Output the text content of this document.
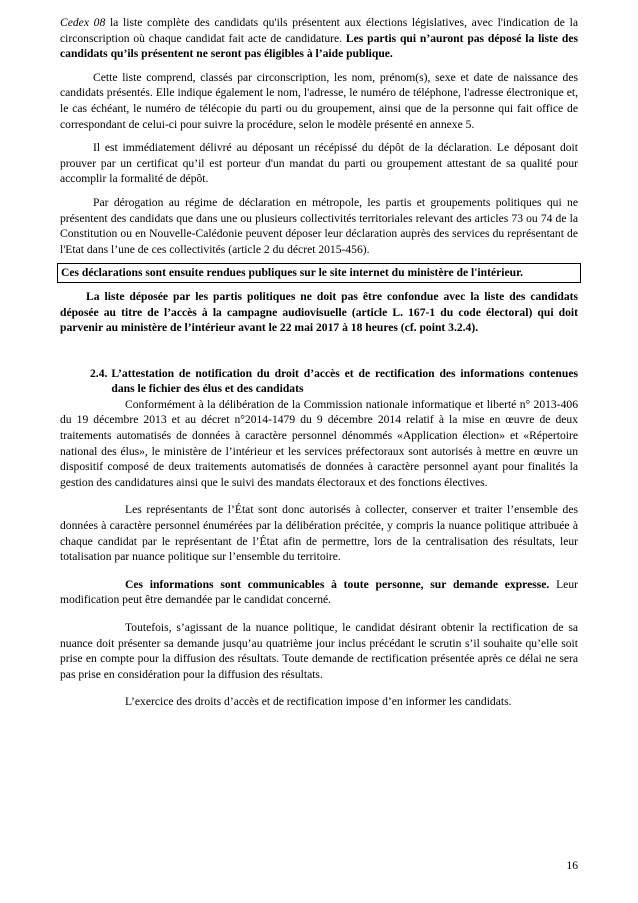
Cedex 08 la liste complète des candidats qu'ils présentent aux élections législatives, avec l'indication de la circonscription où chaque candidat fait acte de candidature. Les partis qui n’auront pas déposé la liste des candidats qu’ils présentent ne seront pas éligibles à l’aide publique.

Cette liste comprend, classés par circonscription, les nom, prénom(s), sexe et date de naissance des candidats présentés. Elle indique également le nom, l'adresse, le numéro de téléphone, l'adresse électronique et, le cas échéant, le numéro de télécopie du parti ou du groupement, ainsi que de la personne qui fait office de correspondant de celui-ci pour suivre la procédure, selon le modèle présenté en annexe 5.

Il est immédiatement délivré au déposant un récépissé du dépôt de la déclaration. Le déposant doit prouver par un certificat qu’il est porteur d'un mandat du parti ou groupement attestant de sa qualité pour accomplir la formalité de dépôt.

Par dérogation au régime de déclaration en métropole, les partis et groupements politiques qui ne présentent des candidats que dans une ou plusieurs collectivités territoriales relevant des articles 73 ou 74 de la Constitution ou en Nouvelle-Calédonie peuvent déposer leur déclaration auprès des services du représentant de l'Etat dans l’une de ces collectivités (article 2 du décret 2015-456).

Ces déclarations sont ensuite rendues publiques sur le site internet du ministère de l'intérieur.

La liste déposée par les partis politiques ne doit pas être confondue avec la liste des candidats déposée au titre de l’accès à la campagne audiovisuelle (article L. 167-1 du code électoral) qui doit parvenir au ministère de l’intérieur avant le 22 mai 2017 à 18 heures (cf. point 3.2.4).

2.4. L’attestation de notification du droit d’accès et de rectification des informations contenues dans le fichier des élus et des candidats

Conformément à la délibération de la Commission nationale informatique et liberté n° 2013-406 du 19 décembre 2013 et au décret n°2014-1479 du 9 décembre 2014 relatif à la mise en œuvre de deux traitements automatisés de données à caractère personnel dénommés «Application élection» et «Répertoire national des élus», le ministère de l’intérieur et les services préfectoraux sont autorisés à mettre en œuvre un dispositif composé de deux traitements automatisés de données à caractère personnel ayant pour finalités la gestion des candidatures ainsi que le suivi des mandats électoraux et des fonctions électives.

Les représentants de l’État sont donc autorisés à collecter, conserver et traiter l’ensemble des données à caractère personnel énumérées par la délibération précitée, y compris la nuance politique attribuée à chaque candidat par le représentant de l’État afin de permettre, lors de la centralisation des résultats, leur totalisation par nuance politique sur l’ensemble du territoire.

Ces informations sont communicables à toute personne, sur demande expresse. Leur modification peut être demandée par le candidat concerné.

Toutefois, s’agissant de la nuance politique, le candidat désirant obtenir la rectification de sa nuance doit présenter sa demande jusqu’au quatrième jour inclus précédant le scrutin s’il souhaite qu’elle soit prise en compte pour la diffusion des résultats. Toute demande de rectification présentée après ce délai ne sera pas prise en considération pour la diffusion des résultats.

L’exercice des droits d’accès et de rectification impose d’en informer les candidats.

16
